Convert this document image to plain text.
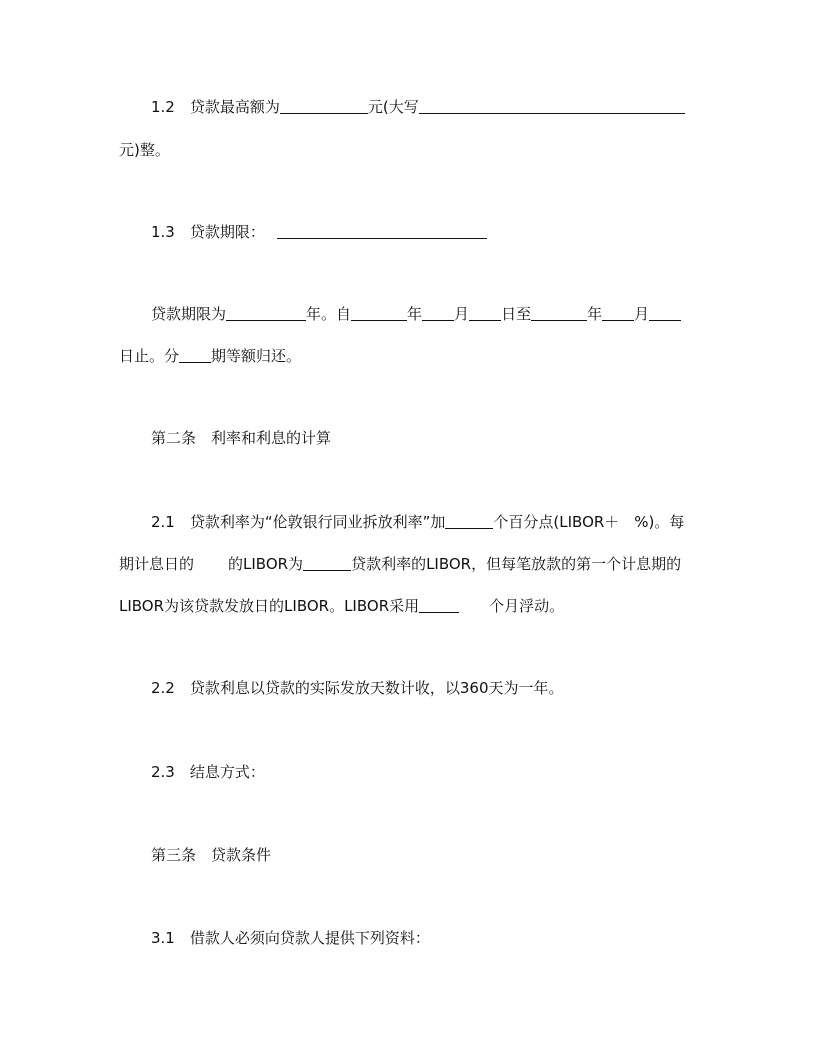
1.2　贷款最高额为	元(大写
元)整。
1.3　贷款期限：
贷款期限为	年。自	年 月 日至	年 月
日止。分 期等额归还。
第二条　利率和利息的计算
2.1　贷款利率为“伦敦银行同业拆放利率”加	个百分点(LIBOR＋　%)。每
期计息日的 的LIBOR为	贷款利率的LIBOR，但每笔放款的第一个计息期的
LIBOR为该贷款发放日的LIBOR。LIBOR采用	个月浮动。
2.2　贷款利息以贷款的实际发放天数计收，以360天为一年。
2.3　结息方式：
第三条　贷款条件
3.1　借款人必须向贷款人提供下列资料：
